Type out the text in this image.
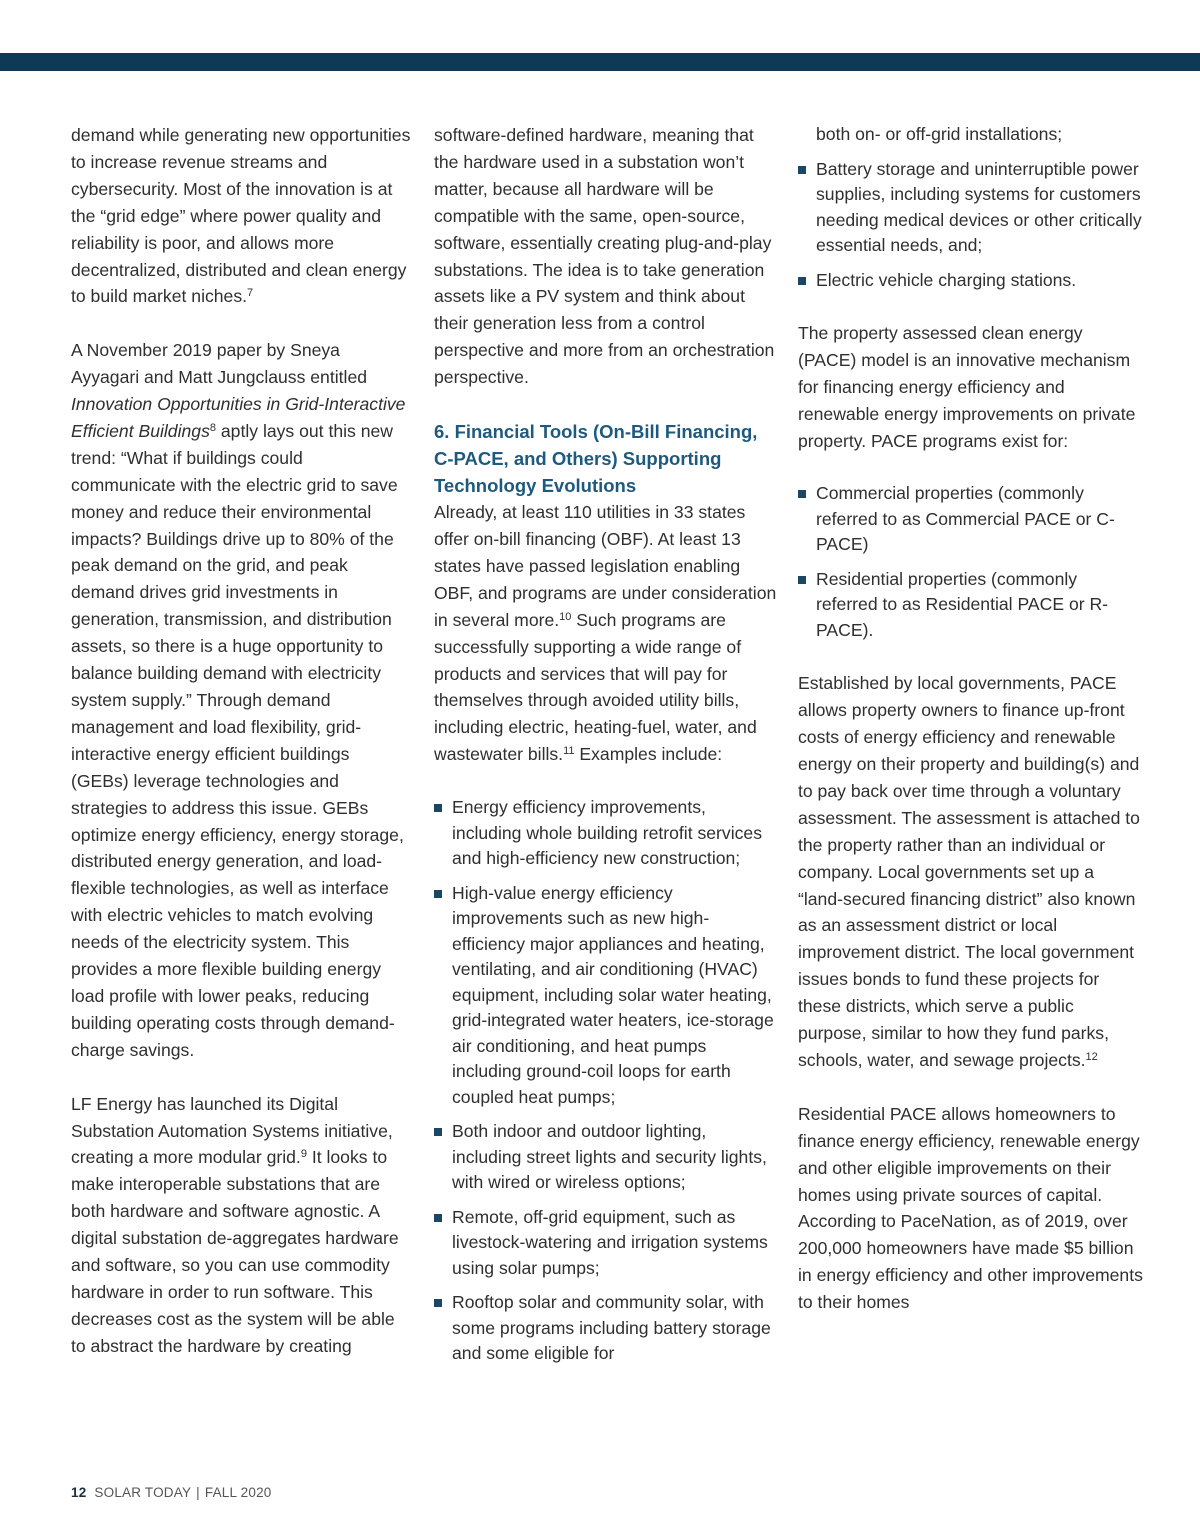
demand while generating new opportunities to increase revenue streams and cybersecurity. Most of the innovation is at the “grid edge” where power quality and reliability is poor, and allows more decentralized, distributed and clean energy to build market niches.$^7$

A November 2019 paper by Sneya Ayyagari and Matt Jungclauss entitled Innovation Opportunities in Grid-Interactive Efficient Buildings$^8$ aptly lays out this new trend: “What if buildings could communicate with the electric grid to save money and reduce their environmental impacts? Buildings drive up to 80% of the peak demand on the grid, and peak demand drives grid investments in generation, transmission, and distribution assets, so there is a huge opportunity to balance building demand with electricity system supply.” Through demand management and load flexibility, grid-interactive energy efficient buildings (GEBs) leverage technologies and strategies to address this issue. GEBs optimize energy efficiency, energy storage, distributed energy generation, and load-flexible technologies, as well as interface with electric vehicles to match evolving needs of the electricity system. This provides a more flexible building energy load profile with lower peaks, reducing building operating costs through demand-charge savings.

LF Energy has launched its Digital Substation Automation Systems initiative, creating a more modular grid.$^9$ It looks to make interoperable substations that are both hardware and software agnostic. A digital substation de-aggregates hardware and software, so you can use commodity hardware in order to run software. This decreases cost as the system will be able to abstract the hardware by creating

software-defined hardware, meaning that the hardware used in a substation won’t matter, because all hardware will be compatible with the same, open-source, software, essentially creating plug-and-play substations. The idea is to take generation assets like a PV system and think about their generation less from a control perspective and more from an orchestration perspective.

6. Financial Tools (On-Bill Financing, C-PACE, and Others) Supporting Technology Evolutions

Already, at least 110 utilities in 33 states offer on-bill financing (OBF). At least 13 states have passed legislation enabling OBF, and programs are under consideration in several more.$^{10}$ Such programs are successfully supporting a wide range of products and services that will pay for themselves through avoided utility bills, including electric, heating-fuel, water, and wastewater bills.$^{11}$ Examples include:

Energy efficiency improvements, including whole building retrofit services and high-efficiency new construction;
High-value energy efficiency improvements such as new high-efficiency major appliances and heating, ventilating, and air conditioning (HVAC) equipment, including solar water heating, grid-integrated water heaters, ice-storage air conditioning, and heat pumps including ground-coil loops for earth coupled heat pumps;
Both indoor and outdoor lighting, including street lights and security lights, with wired or wireless options;
Remote, off-grid equipment, such as livestock-watering and irrigation systems using solar pumps;
Rooftop solar and community solar, with some programs including battery storage and some eligible for
both on- or off-grid installations;
Battery storage and uninterruptible power supplies, including systems for customers needing medical devices or other critically essential needs, and;
Electric vehicle charging stations.

The property assessed clean energy (PACE) model is an innovative mechanism for financing energy efficiency and renewable energy improvements on private property. PACE programs exist for:

Commercial properties (commonly referred to as Commercial PACE or C-PACE)
Residential properties (commonly referred to as Residential PACE or R-PACE).

Established by local governments, PACE allows property owners to finance up-front costs of energy efficiency and renewable energy on their property and building(s) and to pay back over time through a voluntary assessment. The assessment is attached to the property rather than an individual or company. Local governments set up a “land-secured financing district” also known as an assessment district or local improvement district. The local government issues bonds to fund these projects for these districts, which serve a public purpose, similar to how they fund parks, schools, water, and sewage projects.$^{12}$

Residential PACE allows homeowners to finance energy efficiency, renewable energy and other eligible improvements on their homes using private sources of capital. According to PaceNation, as of 2019, over 200,000 homeowners have made $5 billion in energy efficiency and other improvements to their homes

12 SOLAR TODAY | FALL 2020
